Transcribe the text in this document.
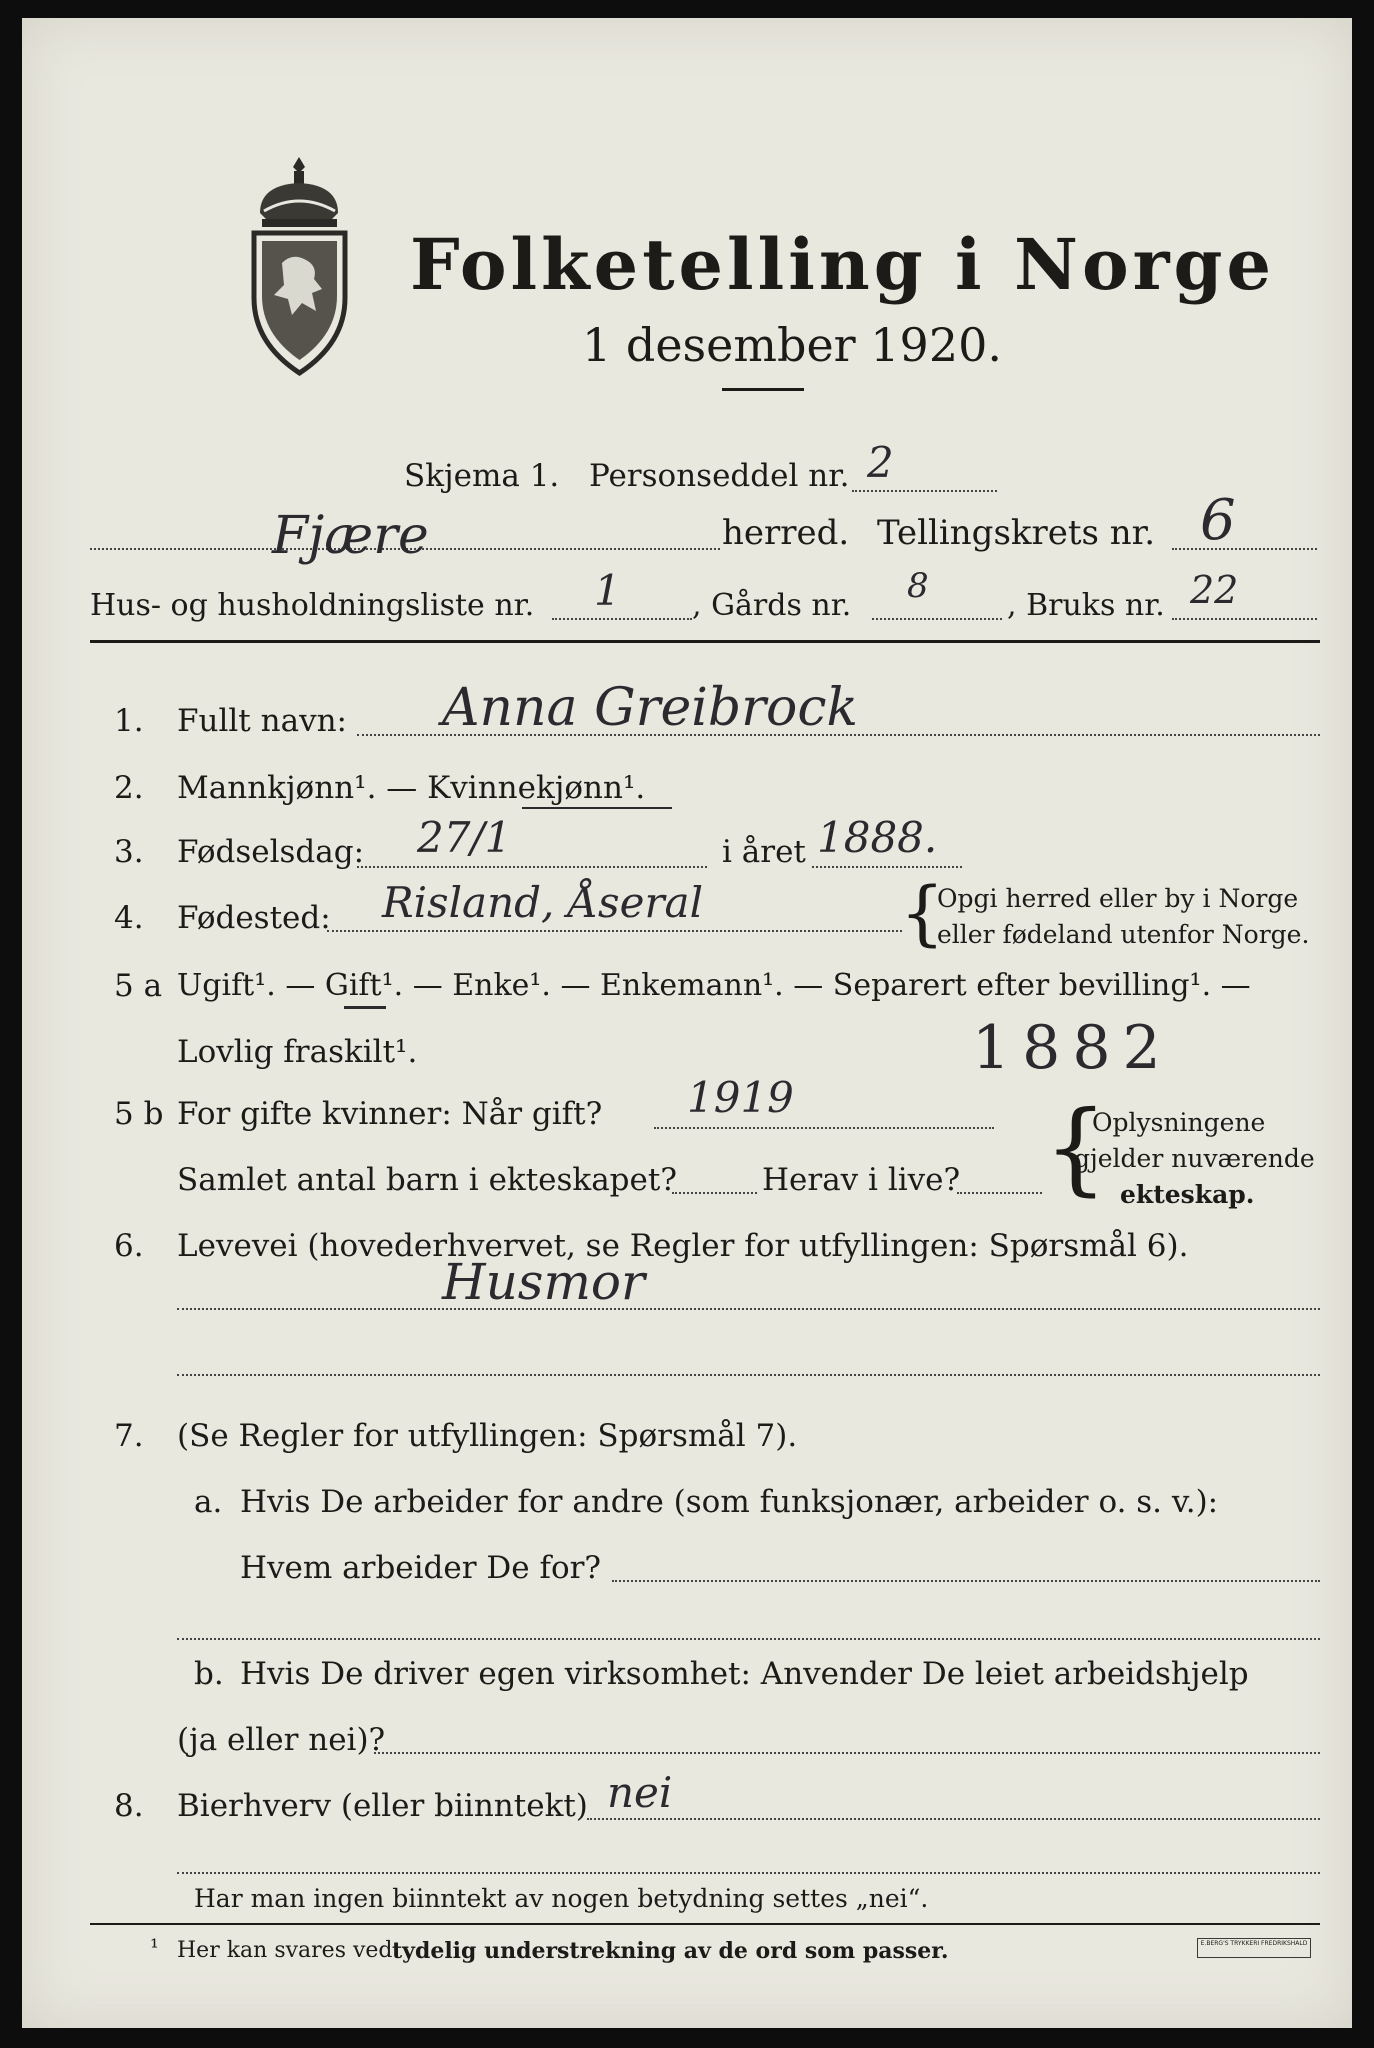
Folketelling i Norge
1 desember 1920.
Skjema 1. Personseddel nr. 2
Fjære	herred. Tellingskrets nr. 6
Hus- og husholdningsliste nr. 1 , Gårds nr. 8	, Bruks nr. 22
1. Fullt navn: Anna Greibrock
2. Mannkjønn¹. — Kvinnekjønn¹.
3. Fødselsdag: 27/1	i året 1888.
4. Fødested: Risland, Åseral	{
Opgi herred eller by i Norge
eller fødeland utenfor Norge.
5 a Ugift¹. — Gift¹. — Enke¹. — Enkemann¹. — Separert efter bevilling¹. —
Lovlig fraskilt¹.	1882
5 b For gifte kvinner: Når gift? 1919
Samlet antal barn i ekteskapet?	Herav i live? {
Oplysningene
gjelder nuværende
ekteskap.
6. Levevei (hovederhvervet, se Regler for utfyllingen: Spørsmål 6).
Husmor
7. (Se Regler for utfyllingen: Spørsmål 7).
a. Hvis De arbeider for andre (som funksjonær, arbeider o. s. v.):
Hvem arbeider De for?
b. Hvis De driver egen virksomhet: Anvender De leiet arbeidshjelp
(ja eller nei)?
8. Bierhverv (eller biinntekt) nei
Har man ingen biinntekt av nogen betydning settes „nei“.
¹ Her kan svares ved tydelig understrekning av de ord som passer.	E.BERG'S TRYKKERI FREDRIKSHALD
